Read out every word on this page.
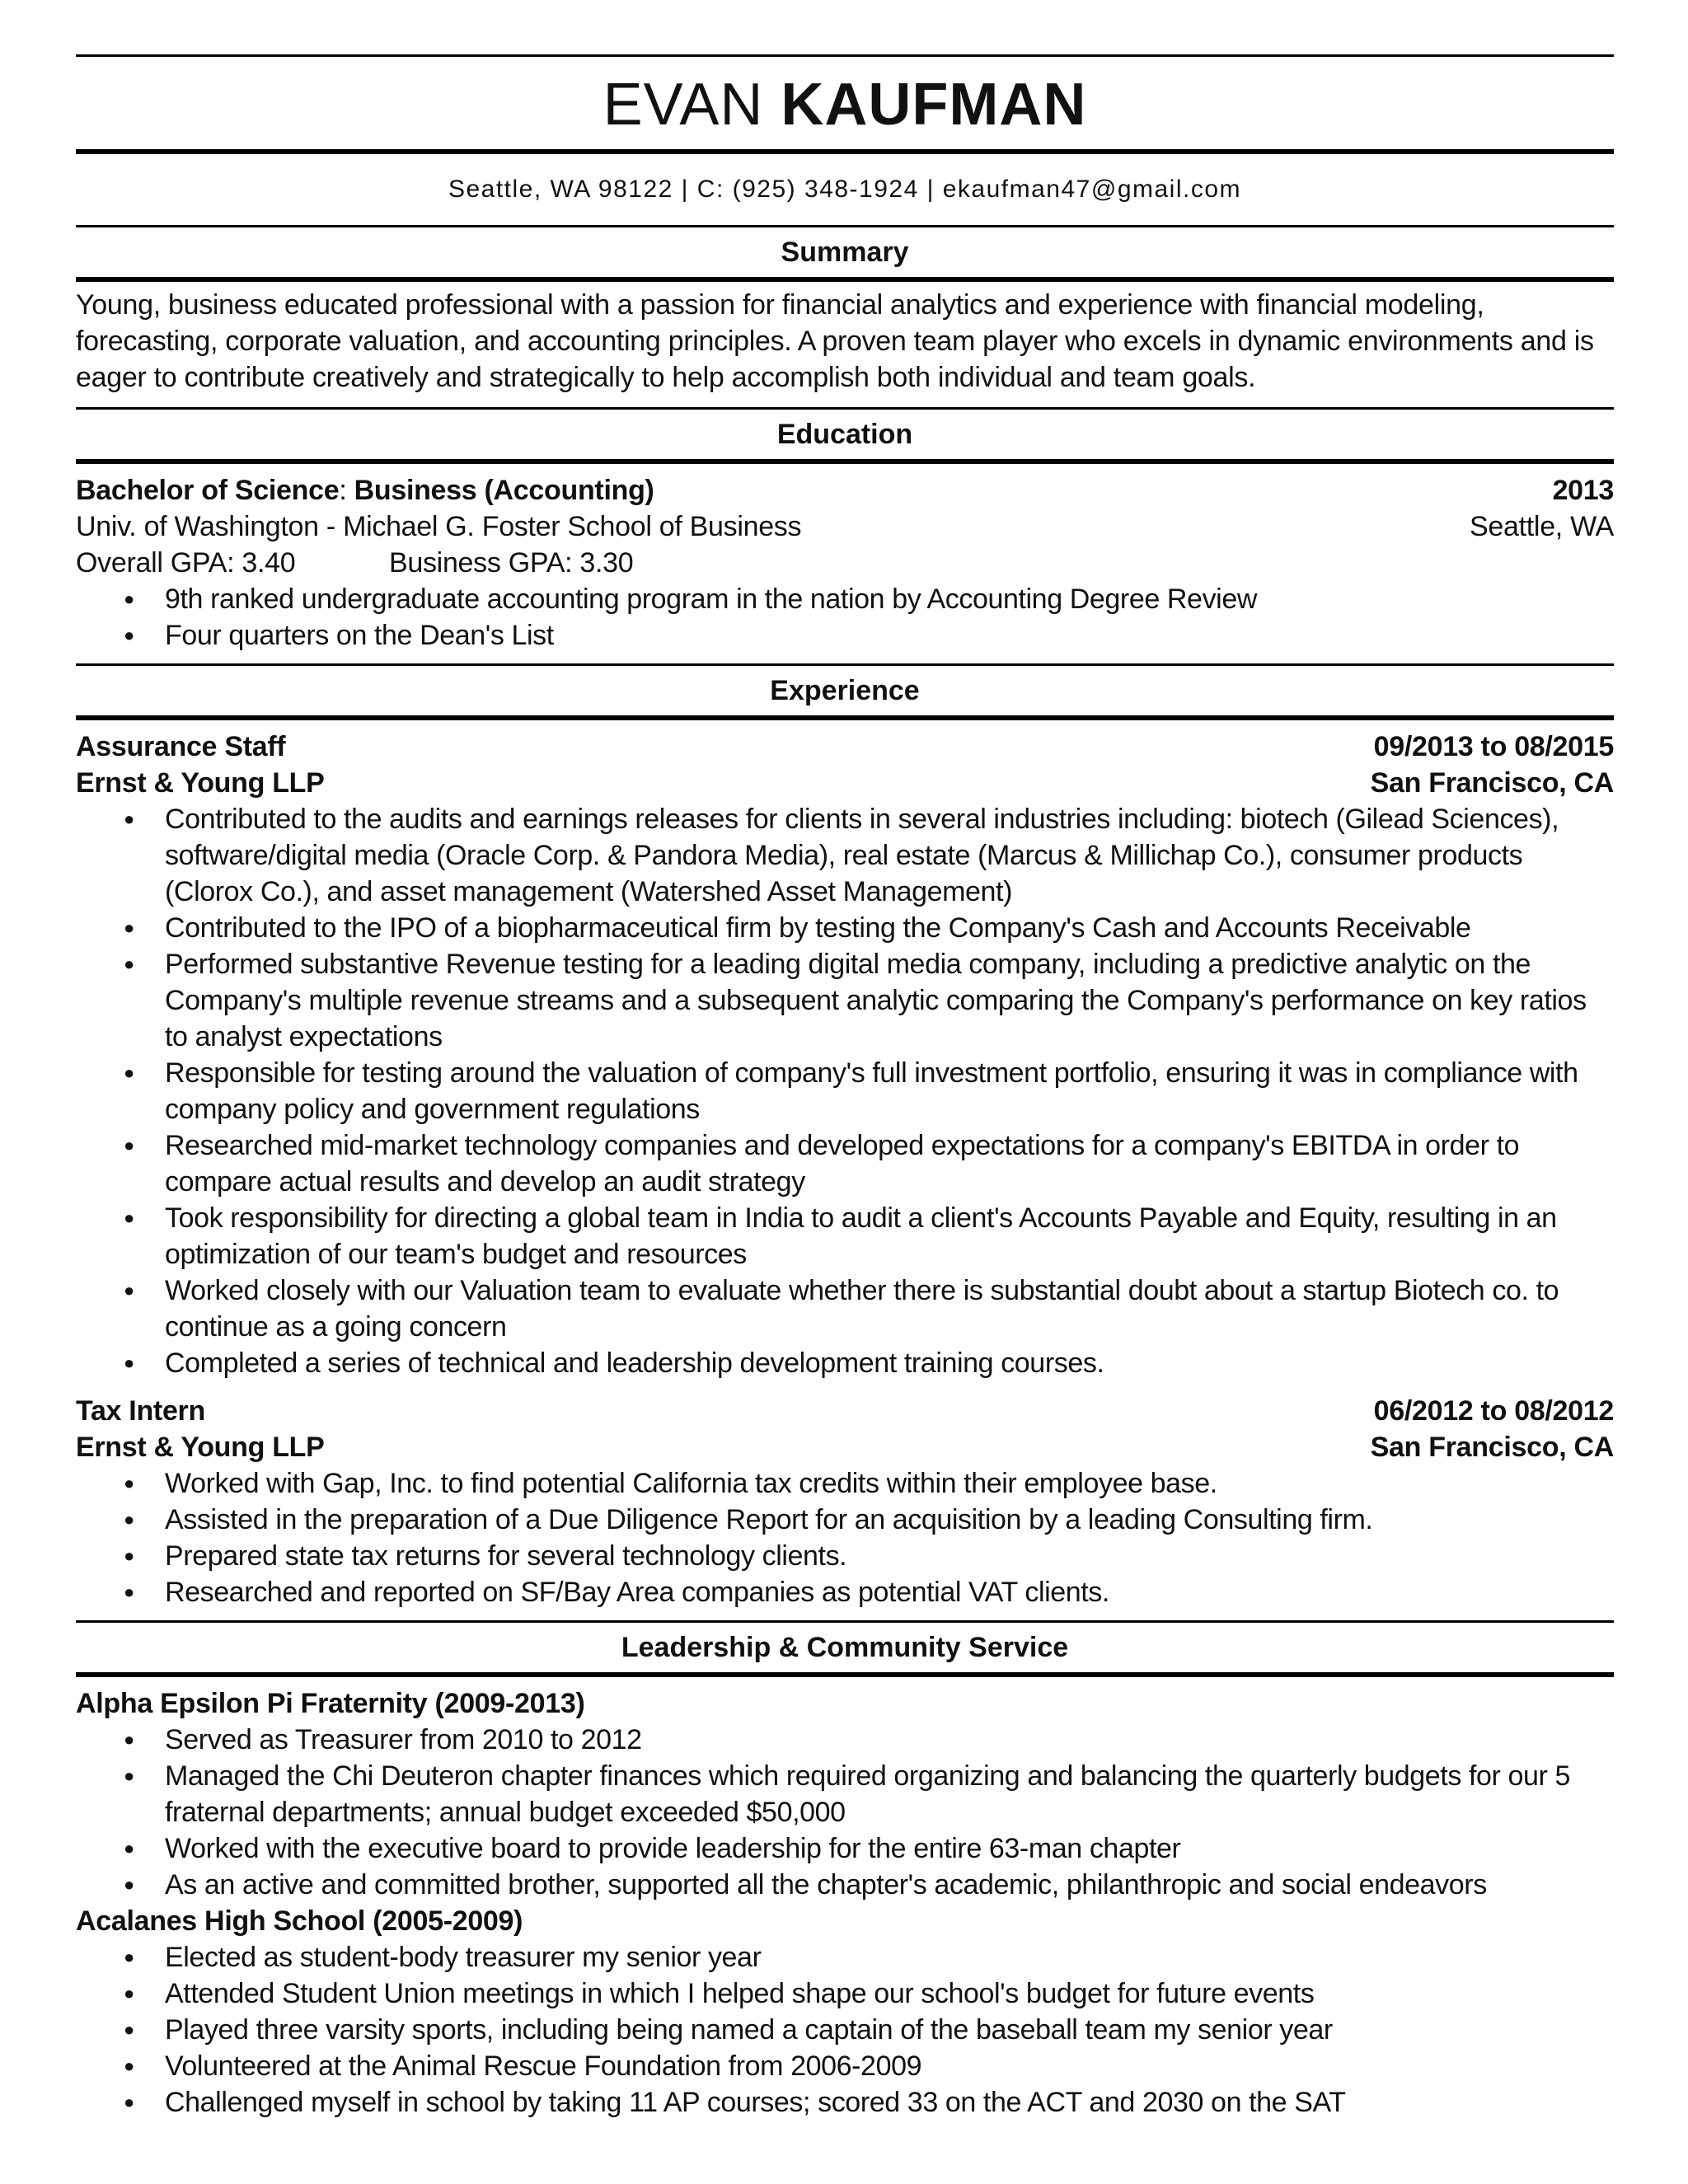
EVAN KAUFMAN
Seattle, WA 98122 | C: (925) 348-1924 | ekaufman47@gmail.com
Summary
Young, business educated professional with a passion for financial analytics and experience with financial modeling, forecasting, corporate valuation, and accounting principles. A proven team player who excels in dynamic environments and is eager to contribute creatively and strategically to help accomplish both individual and team goals.
Education
Bachelor of Science: Business (Accounting)	2013
Univ. of Washington - Michael G. Foster School of Business	Seattle, WA
Overall GPA: 3.40	Business GPA: 3.30
● 9th ranked undergraduate accounting program in the nation by Accounting Degree Review
● Four quarters on the Dean's List
Experience
Assurance Staff	09/2013 to 08/2015
Ernst & Young LLP	San Francisco, CA
● Contributed to the audits and earnings releases for clients in several industries including: biotech (Gilead Sciences), software/digital media (Oracle Corp. & Pandora Media), real estate (Marcus & Millichap Co.), consumer products (Clorox Co.), and asset management (Watershed Asset Management)
● Contributed to the IPO of a biopharmaceutical firm by testing the Company's Cash and Accounts Receivable
● Performed substantive Revenue testing for a leading digital media company, including a predictive analytic on the Company's multiple revenue streams and a subsequent analytic comparing the Company's performance on key ratios to analyst expectations
● Responsible for testing around the valuation of company's full investment portfolio, ensuring it was in compliance with company policy and government regulations
● Researched mid-market technology companies and developed expectations for a company's EBITDA in order to compare actual results and develop an audit strategy
● Took responsibility for directing a global team in India to audit a client's Accounts Payable and Equity, resulting in an optimization of our team's budget and resources
● Worked closely with our Valuation team to evaluate whether there is substantial doubt about a startup Biotech co. to continue as a going concern
● Completed a series of technical and leadership development training courses.
Tax Intern	06/2012 to 08/2012
Ernst & Young LLP	San Francisco, CA
● Worked with Gap, Inc. to find potential California tax credits within their employee base.
● Assisted in the preparation of a Due Diligence Report for an acquisition by a leading Consulting firm.
● Prepared state tax returns for several technology clients.
● Researched and reported on SF/Bay Area companies as potential VAT clients.
Leadership & Community Service
Alpha Epsilon Pi Fraternity (2009-2013)
● Served as Treasurer from 2010 to 2012
● Managed the Chi Deuteron chapter finances which required organizing and balancing the quarterly budgets for our 5 fraternal departments; annual budget exceeded $50,000
● Worked with the executive board to provide leadership for the entire 63-man chapter
● As an active and committed brother, supported all the chapter's academic, philanthropic and social endeavors
Acalanes High School (2005-2009)
● Elected as student-body treasurer my senior year
● Attended Student Union meetings in which I helped shape our school's budget for future events
● Played three varsity sports, including being named a captain of the baseball team my senior year
● Volunteered at the Animal Rescue Foundation from 2006-2009
● Challenged myself in school by taking 11 AP courses; scored 33 on the ACT and 2030 on the SAT
